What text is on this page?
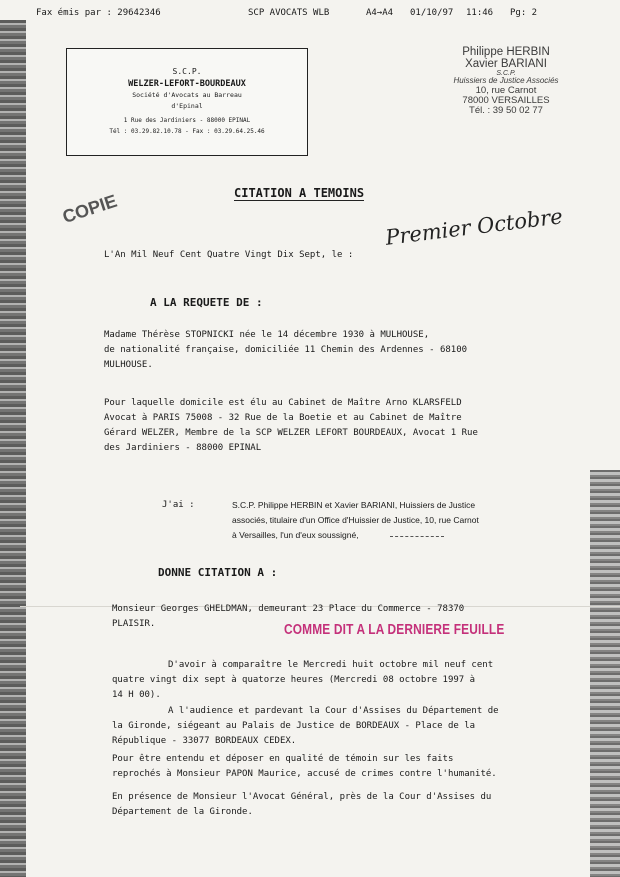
Fax émis par : 29642346	SCP AVOCATS WLB	A4→A4 01/10/97 11:46 Pg: 2
S.C.P.
WELZER-LEFORT-BOURDEAUX
Société d'Avocats au Barreau
d'Epinal
1 Rue des Jardiniers - 88000 EPINAL
Tél : 03.29.82.10.78 - Fax : 03.29.64.25.46
Philippe HERBIN
Xavier BARIANI
S.C.P.
Huissiers de Justice Associés
10, rue Carnot
78000 VERSAILLES
Tél. : 39 50 02 77
CITATION A TEMOINS
COPIE
L'An Mil Neuf Cent Quatre Vingt Dix Sept, le :
Premier Octobre
A LA REQUETE DE :
Madame Thérèse STOPNICKI née le 14 décembre 1930 à MULHOUSE,
de nationalité française, domiciliée 11 Chemin des Ardennes - 68100
MULHOUSE.
Pour laquelle domicile est élu au Cabinet de Maître Arno KLARSFELD
Avocat à PARIS 75008 - 32 Rue de la Boetie et au Cabinet de Maître
Gérard WELZER, Membre de la SCP WELZER LEFORT BOURDEAUX, Avocat 1 Rue
des Jardiniers - 88000 EPINAL
J'ai :	S.C.P. Philippe HERBIN et Xavier BARIANI, Huissiers de Justice
associés, titulaire d'un Office d'Huissier de Justice, 10, rue Carnot
à Versailles, l'un d'eux soussigné,
DONNE CITATION A :
Monsieur Georges GHELDMAN, demeurant 23 Place du Commerce - 78370
PLAISIR.	COMME DIT A LA DERNIERE FEUILLE
D'avoir à comparaître le Mercredi huit octobre mil neuf cent
quatre vingt dix sept à quatorze heures (Mercredi 08 octobre 1997 à
14 H 00).
A l'audience et pardevant la Cour d'Assises du Département de
la Gironde, siégeant au Palais de Justice de BORDEAUX - Place de la
République - 33077 BORDEAUX CEDEX.
Pour être entendu et déposer en qualité de témoin sur les faits
reprochés à Monsieur PAPON Maurice, accusé de crimes contre l'humanité.
En présence de Monsieur l'Avocat Général, près de la Cour d'Assises du
Département de la Gironde.
